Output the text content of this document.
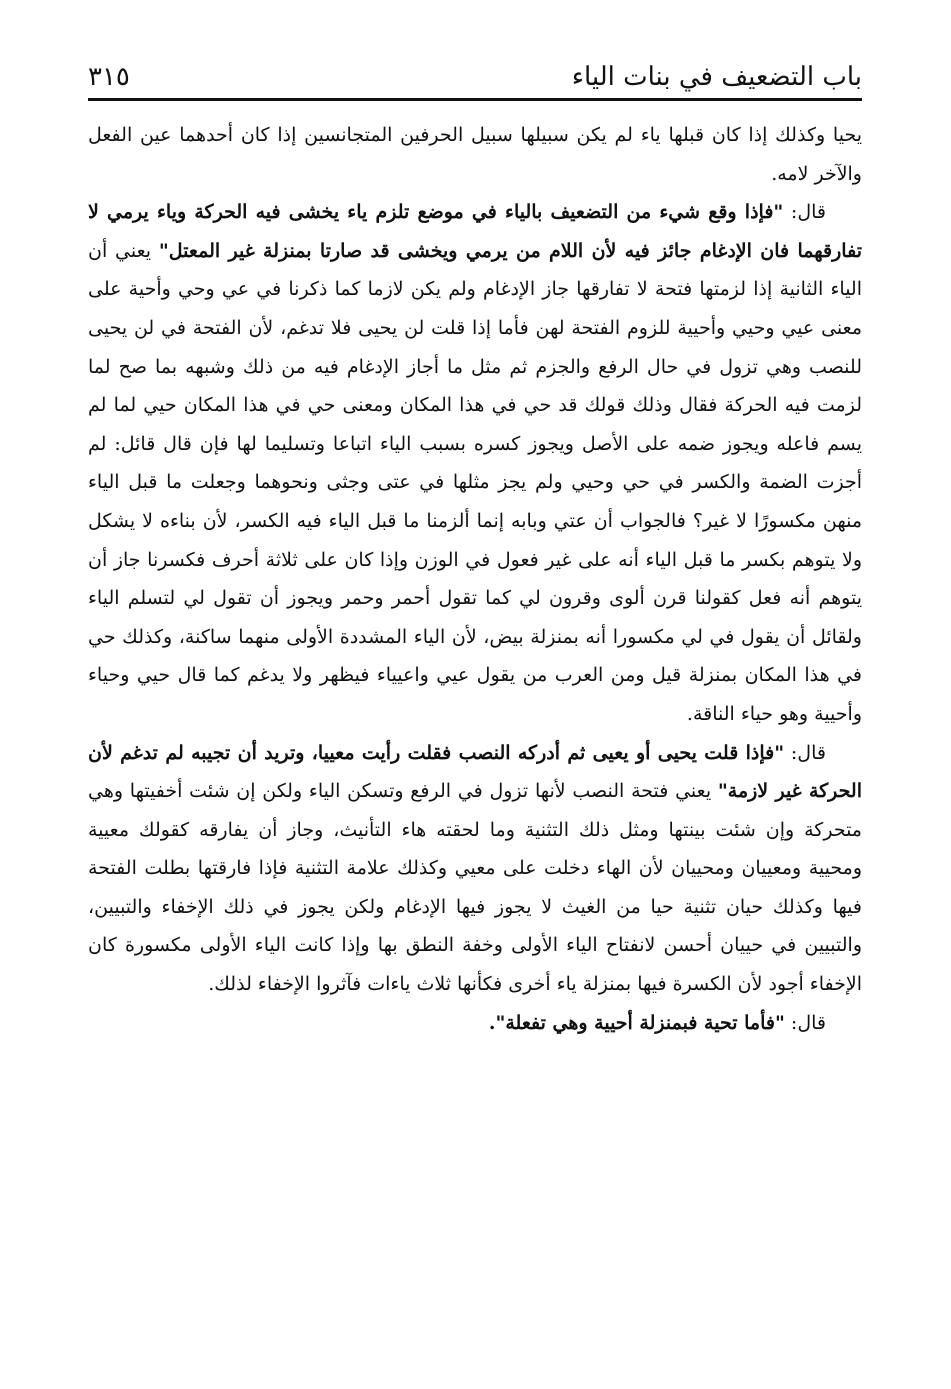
باب التضعيف في بنات الياء
٣١٥

يحيا وكذلك إذا كان قبلها ياء لم يكن سبيلها سبيل الحرفين المتجانسين إذا كان أحدهما عين الفعل والآخر لامه.

قال: "فإذا وقع شيء من التضعيف بالياء في موضع تلزم ياء يخشى فيه الحركة وياء يرمي لا تفارقهما فان الإدغام جائز فيه لأن اللام من يرمي ويخشى قد صارتا بمنزلة غير المعتل" يعني أن الياء الثانية إذا لزمتها فتحة لا تفارقها جاز الإدغام ولم يكن لازما كما ذكرنا في عي وحي وأحية على معنى عيي وحيي وأحيية للزوم الفتحة لهن فأما إذا قلت لن يحيى فلا تدغم، لأن الفتحة في لن يحيى للنصب وهي تزول في حال الرفع والجزم ثم مثل ما أجاز الإدغام فيه من ذلك وشبهه بما صح لما لزمت فيه الحركة فقال وذلك قولك قد حي في هذا المكان ومعنى حي في هذا المكان حيي لما لم يسم فاعله ويجوز ضمه على الأصل ويجوز كسره بسبب الياء اتباعا وتسليما لها فإن قال قائل: لم أجزت الضمة والكسر في حي وحيي ولم يجز مثلها في عتى وجثى ونحوهما وجعلت ما قبل الياء منهن مكسورًا لا غير؟ فالجواب أن عتي وبابه إنما ألزمنا ما قبل الياء فيه الكسر، لأن بناءه لا يشكل ولا يتوهم بكسر ما قبل الياء أنه على غير فعول في الوزن وإذا كان على ثلاثة أحرف فكسرنا جاز أن يتوهم أنه فعل كقولنا قرن ألوى وقرون لي كما تقول أحمر وحمر ويجوز أن تقول لي لتسلم الياء ولقائل أن يقول في لي مكسورا أنه بمنزلة بيض، لأن الياء المشددة الأولى منهما ساكنة، وكذلك حي في هذا المكان بمنزلة قيل ومن العرب من يقول عيي واعيياء فيظهر ولا يدغم كما قال حيي وحياء وأحيية وهو حياء الناقة.

قال: "فإذا قلت يحيى أو يعيى ثم أدركه النصب فقلت رأيت معييا، وتريد أن تجيبه لم تدغم لأن الحركة غير لازمة" يعني فتحة النصب لأنها تزول في الرفع وتسكن الياء ولكن إن شئت أخفيتها وهي متحركة وإن شئت بينتها ومثل ذلك التثنية وما لحقته هاء التأنيث، وجاز أن يفارقه كقولك معيية ومحيية ومعييان ومحييان لأن الهاء دخلت على معيي وكذلك علامة التثنية فإذا فارقتها بطلت الفتحة فيها وكذلك حيان تثنية حيا من الغيث لا يجوز فيها الإدغام ولكن يجوز في ذلك الإخفاء والتبيين، والتبيين في حييان أحسن لانفتاح الياء الأولى وخفة النطق بها وإذا كانت الياء الأولى مكسورة كان الإخفاء أجود لأن الكسرة فيها بمنزلة ياء أخرى فكأنها ثلاث ياءات فآثروا الإخفاء لذلك.

قال: "فأما تحية فبمنزلة أحيية وهي تفعلة".
